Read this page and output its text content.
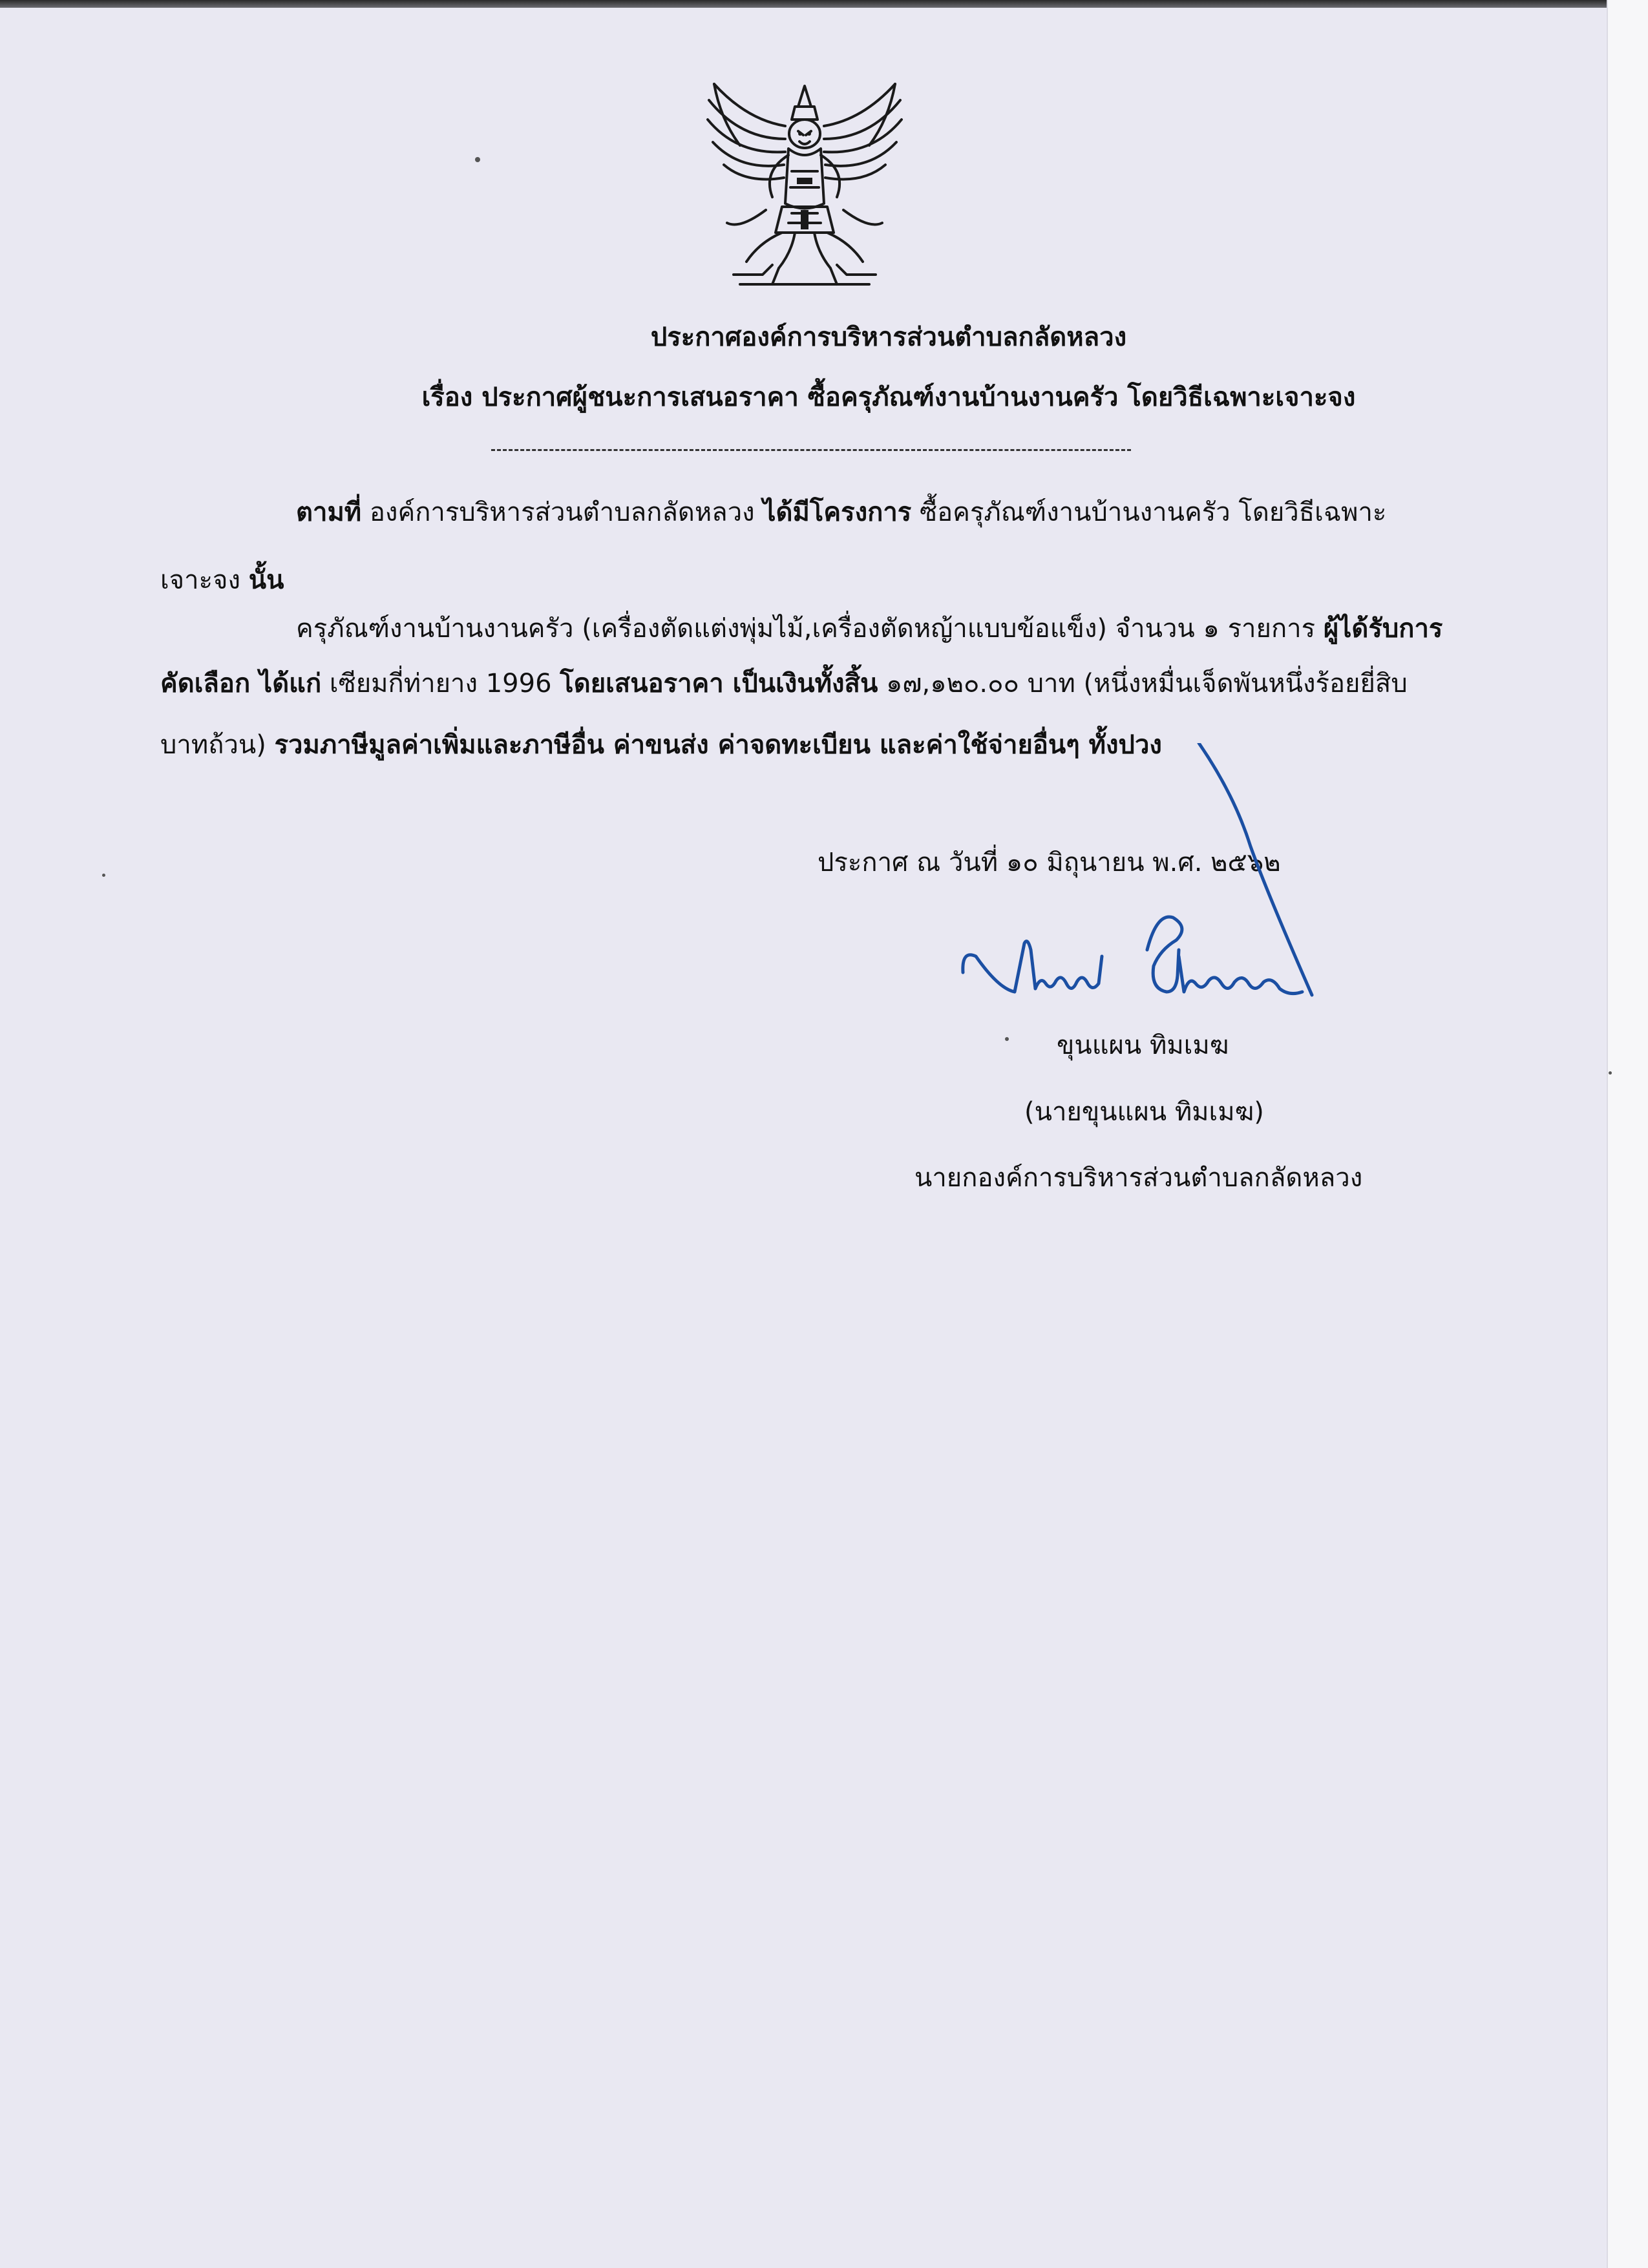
ประกาศองค์การบริหารส่วนตำบลกลัดหลวง
เรื่อง ประกาศผู้ชนะการเสนอราคา ซื้อครุภัณฑ์งานบ้านงานครัว โดยวิธีเฉพาะเจาะจง
ตามที่ องค์การบริหารส่วนตำบลกลัดหลวง ได้มีโครงการ ซื้อครุภัณฑ์งานบ้านงานครัว โดยวิธีเฉพาะ
เจาะจง นั้น
ครุภัณฑ์งานบ้านงานครัว (เครื่องตัดแต่งพุ่มไม้,เครื่องตัดหญ้าแบบข้อแข็ง) จำนวน ๑ รายการ ผู้ได้รับการ
คัดเลือก ได้แก่ เซียมกี่ท่ายาง 1996 โดยเสนอราคา เป็นเงินทั้งสิ้น ๑๗,๑๒๐.๐๐ บาท (หนึ่งหมื่นเจ็ดพันหนึ่งร้อยยี่สิบ
บาทถ้วน) รวมภาษีมูลค่าเพิ่มและภาษีอื่น ค่าขนส่ง ค่าจดทะเบียน และค่าใช้จ่ายอื่นๆ ทั้งปวง
ประกาศ ณ วันที่ ๑๐ มิถุนายน พ.ศ. ๒๕๖๒
ขุนแผน ทิมเมฆ
(นายขุนแผน ทิมเมฆ)
นายกองค์การบริหารส่วนตำบลกลัดหลวง
